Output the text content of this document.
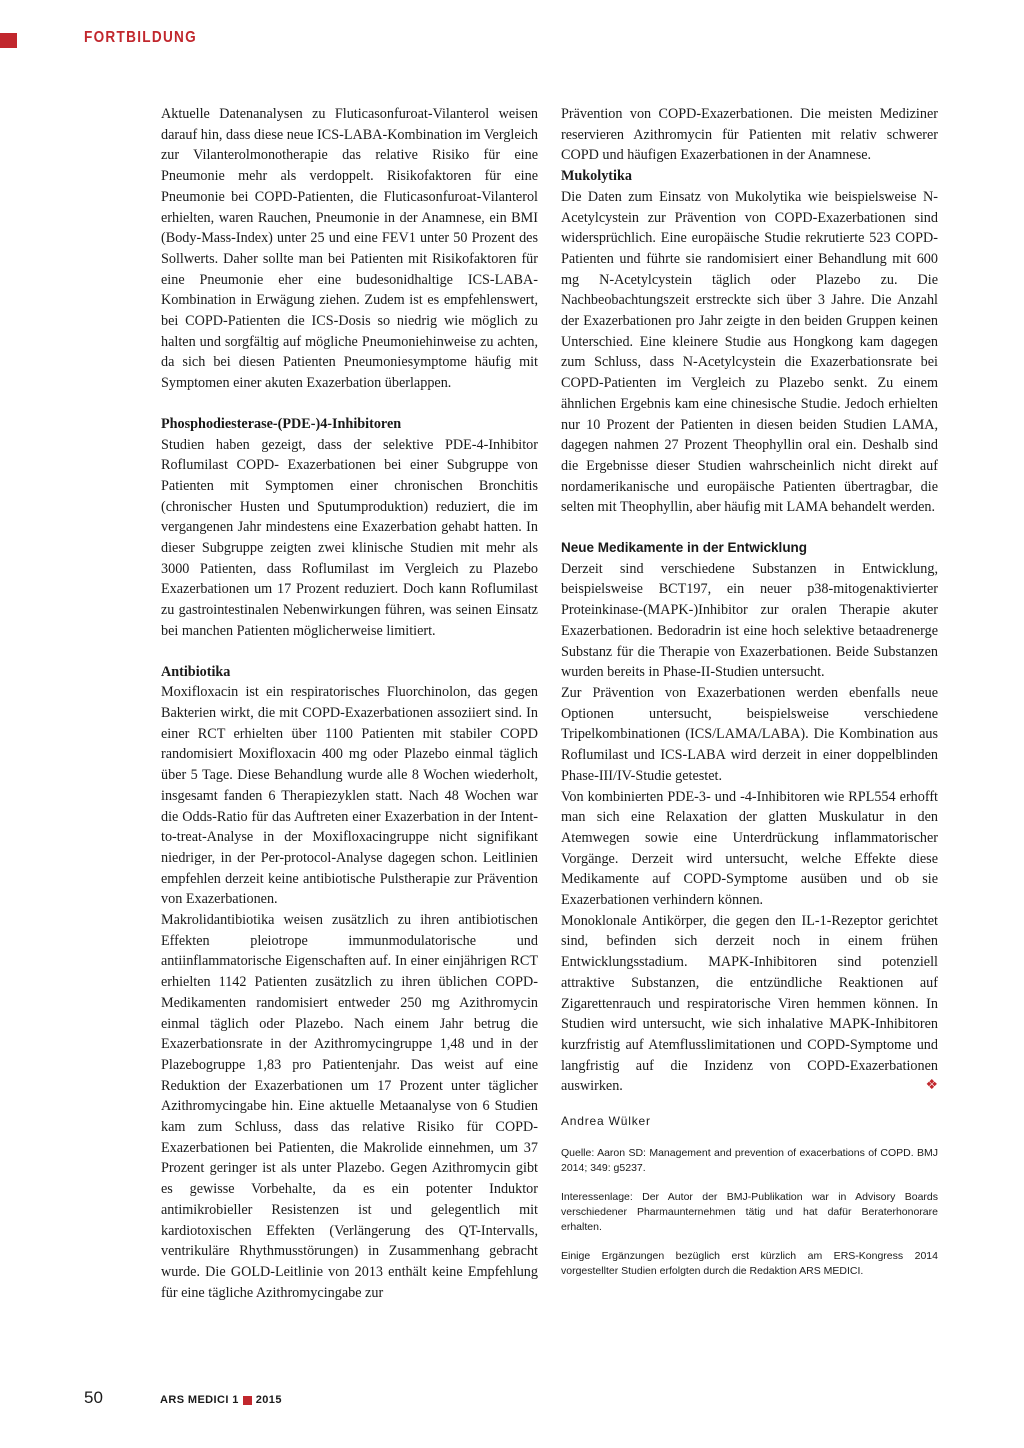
FORTBILDUNG

Aktuelle Datenanalysen zu Fluticasonfuroat-Vilanterol weisen darauf hin, dass diese neue ICS-LABA-Kombination im Vergleich zur Vilanterolmonotherapie das relative Risiko für eine Pneumonie mehr als verdoppelt. Risikofaktoren für eine Pneumonie bei COPD-Patienten, die Fluticasonfuroat-Vilanterol erhielten, waren Rauchen, Pneumonie in der Anamnese, ein BMI (Body-Mass-Index) unter 25 und eine FEV1 unter 50 Prozent des Sollwerts. Daher sollte man bei Patienten mit Risikofaktoren für eine Pneumonie eher eine budesonidhaltige ICS-LABA-Kombination in Erwägung ziehen. Zudem ist es empfehlenswert, bei COPD-Patienten die ICS-Dosis so niedrig wie möglich zu halten und sorgfältig auf mögliche Pneumoniehinweise zu achten, da sich bei diesen Patienten Pneumoniesymptome häufig mit Symptomen einer akuten Exazerbation überlappen.

Phosphodiesterase-(PDE-)4-Inhibitoren

Studien haben gezeigt, dass der selektive PDE-4-Inhibitor Roflumilast COPD- Exazerbationen bei einer Subgruppe von Patienten mit Symptomen einer chronischen Bronchitis (chronischer Husten und Sputumproduktion) reduziert, die im vergangenen Jahr mindestens eine Exazerbation gehabt hatten. In dieser Subgruppe zeigten zwei klinische Studien mit mehr als 3000 Patienten, dass Roflumilast im Vergleich zu Plazebo Exazerbationen um 17 Prozent reduziert. Doch kann Roflumilast zu gastrointestinalen Nebenwirkungen führen, was seinen Einsatz bei manchen Patienten möglicherweise limitiert.

Antibiotika

Moxifloxacin ist ein respiratorisches Fluorchinolon, das gegen Bakterien wirkt, die mit COPD-Exazerbationen assoziiert sind. In einer RCT erhielten über 1100 Patienten mit stabiler COPD randomisiert Moxifloxacin 400 mg oder Plazebo einmal täglich über 5 Tage. Diese Behandlung wurde alle 8 Wochen wiederholt, insgesamt fanden 6 Therapiezyklen statt. Nach 48 Wochen war die Odds-Ratio für das Auftreten einer Exazerbation in der Intent-to-treat-Analyse in der Moxifloxacingruppe nicht signifikant niedriger, in der Per-protocol-Analyse dagegen schon. Leitlinien empfehlen derzeit keine antibiotische Pulstherapie zur Prävention von Exazerbationen.

Makrolidantibiotika weisen zusätzlich zu ihren antibiotischen Effekten pleiotrope immunmodulatorische und antiinflammatorische Eigenschaften auf. In einer einjährigen RCT erhielten 1142 Patienten zusätzlich zu ihren üblichen COPD-Medikamenten randomisiert entweder 250 mg Azithromycin einmal täglich oder Plazebo. Nach einem Jahr betrug die Exazerbationsrate in der Azithromycingruppe 1,48 und in der Plazebogruppe 1,83 pro Patientenjahr. Das weist auf eine Reduktion der Exazerbationen um 17 Prozent unter täglicher Azithromycingabe hin. Eine aktuelle Metaanalyse von 6 Studien kam zum Schluss, dass das relative Risiko für COPD-Exazerbationen bei Patienten, die Makrolide einnehmen, um 37 Prozent geringer ist als unter Plazebo. Gegen Azithromycin gibt es gewisse Vorbehalte, da es ein potenter Induktor antimikrobieller Resistenzen ist und gelegentlich mit kardiotoxischen Effekten (Verlängerung des QT-Intervalls, ventrikuläre Rhythmusstörungen) in Zusammenhang gebracht wurde. Die GOLD-Leitlinie von 2013 enthält keine Empfehlung für eine tägliche Azithromycingabe zur

Prävention von COPD-Exazerbationen. Die meisten Mediziner reservieren Azithromycin für Patienten mit relativ schwerer COPD und häufigen Exazerbationen in der Anamnese.

Mukolytika

Die Daten zum Einsatz von Mukolytika wie beispielsweise N-Acetylcystein zur Prävention von COPD-Exazerbationen sind widersprüchlich. Eine europäische Studie rekrutierte 523 COPD-Patienten und führte sie randomisiert einer Behandlung mit 600 mg N-Acetylcystein täglich oder Plazebo zu. Die Nachbeobachtungszeit erstreckte sich über 3 Jahre. Die Anzahl der Exazerbationen pro Jahr zeigte in den beiden Gruppen keinen Unterschied. Eine kleinere Studie aus Hongkong kam dagegen zum Schluss, dass N-Acetylcystein die Exazerbationsrate bei COPD-Patienten im Vergleich zu Plazebo senkt. Zu einem ähnlichen Ergebnis kam eine chinesische Studie. Jedoch erhielten nur 10 Prozent der Patienten in diesen beiden Studien LAMA, dagegen nahmen 27 Prozent Theophyllin oral ein. Deshalb sind die Ergebnisse dieser Studien wahrscheinlich nicht direkt auf nordamerikanische und europäische Patienten übertragbar, die selten mit Theophyllin, aber häufig mit LAMA behandelt werden.

Neue Medikamente in der Entwicklung

Derzeit sind verschiedene Substanzen in Entwicklung, beispielsweise BCT197, ein neuer p38-mitogenaktivierter Proteinkinase-(MAPK-)Inhibitor zur oralen Therapie akuter Exazerbationen. Bedoradrin ist eine hoch selektive betaadrenerge Substanz für die Therapie von Exazerbationen. Beide Substanzen wurden bereits in Phase-II-Studien untersucht.

Zur Prävention von Exazerbationen werden ebenfalls neue Optionen untersucht, beispielsweise verschiedene Tripelkombinationen (ICS/LAMA/LABA). Die Kombination aus Roflumilast und ICS-LABA wird derzeit in einer doppelblinden Phase-III/IV-Studie getestet.

Von kombinierten PDE-3- und -4-Inhibitoren wie RPL554 erhofft man sich eine Relaxation der glatten Muskulatur in den Atemwegen sowie eine Unterdrückung inflammatorischer Vorgänge. Derzeit wird untersucht, welche Effekte diese Medikamente auf COPD-Symptome ausüben und ob sie Exazerbationen verhindern können.

Monoklonale Antikörper, die gegen den IL-1-Rezeptor gerichtet sind, befinden sich derzeit noch in einem frühen Entwicklungsstadium. MAPK-Inhibitoren sind potenziell attraktive Substanzen, die entzündliche Reaktionen auf Zigarettenrauch und respiratorische Viren hemmen können. In Studien wird untersucht, wie sich inhalative MAPK-Inhibitoren kurzfristig auf Atemflusslimitationen und COPD-Symptome und langfristig auf die Inzidenz von COPD-Exazerbationen auswirken.	❖

Andrea Wülker
Quelle: Aaron SD: Management and prevention of exacerbations of COPD. BMJ 2014; 349: g5237.
Interessenlage: Der Autor der BMJ-Publikation war in Advisory Boards verschiedener Pharmaunternehmen tätig und hat dafür Beraterhonorare erhalten.
Einige Ergänzungen bezüglich erst kürzlich am ERS-Kongress 2014 vorgestellter Studien erfolgten durch die Redaktion ARS MEDICI.
50	ARS MEDICI 1 2015
